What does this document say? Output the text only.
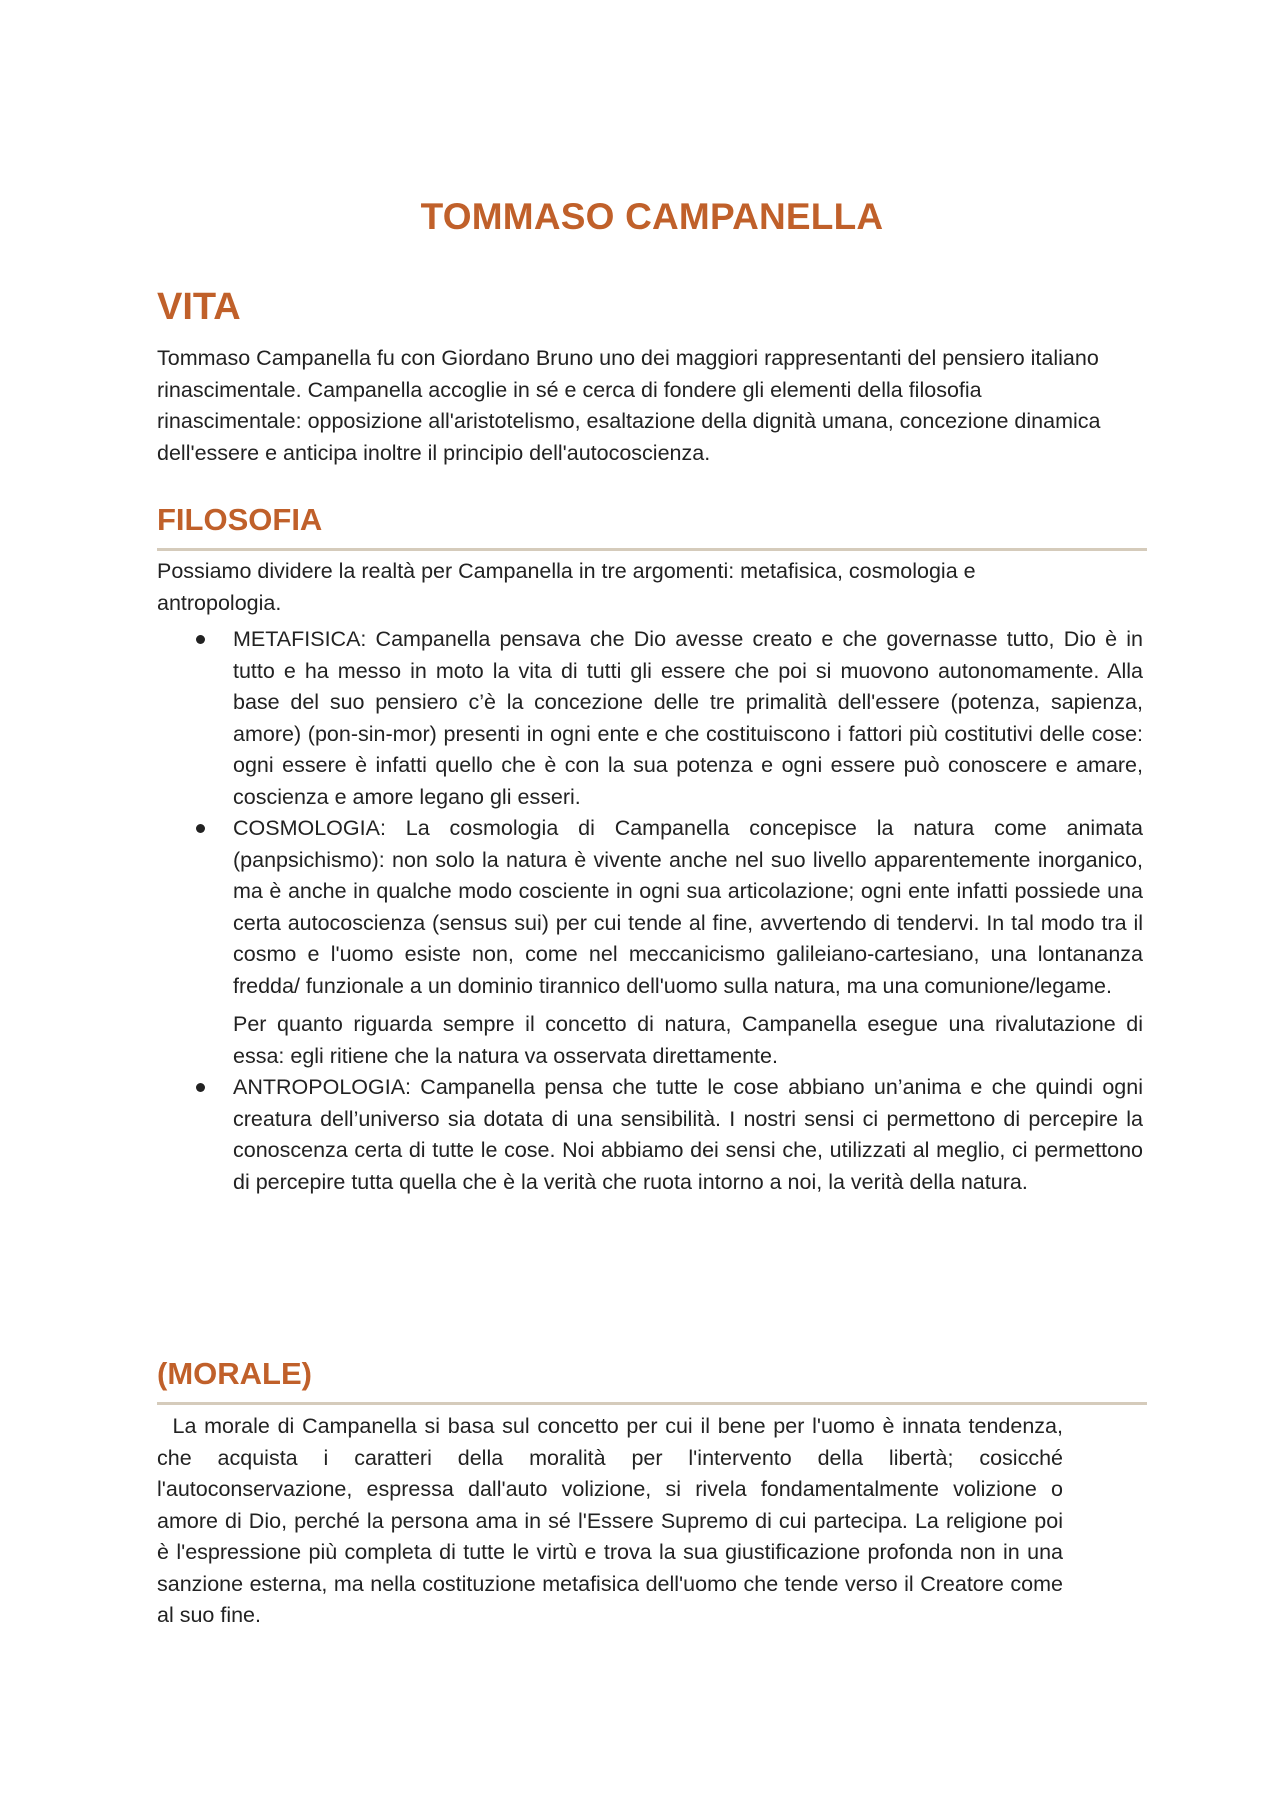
TOMMASO CAMPANELLA
VITA

Tommaso Campanella fu con Giordano Bruno uno dei maggiori rappresentanti del pensiero italiano rinascimentale. Campanella accoglie in sé e cerca di fondere gli elementi della filosofia rinascimentale: opposizione all'aristotelismo, esaltazione della dignità umana, concezione dinamica dell'essere e anticipa inoltre il principio dell'autocoscienza.

FILOSOFIA

Possiamo dividere la realtà per Campanella in tre argomenti: metafisica, cosmologia e antropologia.

METAFISICA: Campanella pensava che Dio avesse creato e che governasse tutto, Dio è in tutto e ha messo in moto la vita di tutti gli essere che poi si muovono autonomamente. Alla base del suo pensiero c’è la concezione delle tre primalità dell'essere (potenza, sapienza, amore) (pon-sin-mor) presenti in ogni ente e che costituiscono i fattori più costitutivi delle cose: ogni essere è infatti quello che è con la sua potenza e ogni essere può conoscere e amare, coscienza e amore legano gli esseri.
COSMOLOGIA: La cosmologia di Campanella concepisce la natura come animata (panpsichismo): non solo la natura è vivente anche nel suo livello apparentemente inorganico, ma è anche in qualche modo cosciente in ogni sua articolazione; ogni ente infatti possiede una certa autocoscienza (sensus sui) per cui tende al fine, avvertendo di tendervi. In tal modo tra il cosmo e l'uomo esiste non, come nel meccanicismo galileiano-cartesiano, una lontananza fredda/ funzionale a un dominio tirannico dell'uomo sulla natura, ma una comunione/legame.
Per quanto riguarda sempre il concetto di natura, Campanella esegue una rivalutazione di essa: egli ritiene che la natura va osservata direttamente.
ANTROPOLOGIA: Campanella pensa che tutte le cose abbiano un’anima e che quindi ogni creatura dell’universo sia dotata di una sensibilità. I nostri sensi ci permettono di percepire la conoscenza certa di tutte le cose. Noi abbiamo dei sensi che, utilizzati al meglio, ci permettono di percepire tutta quella che è la verità che ruota intorno a noi, la verità della natura.
(MORALE)

La morale di Campanella si basa sul concetto per cui il bene per l'uomo è innata tendenza, che acquista i caratteri della moralità per l'intervento della libertà; cosicché l'autoconservazione, espressa dall'auto volizione, si rivela fondamentalmente volizione o amore di Dio, perché la persona ama in sé l'Essere Supremo di cui partecipa. La religione poi è l'espressione più completa di tutte le virtù e trova la sua giustificazione profonda non in una sanzione esterna, ma nella costituzione metafisica dell'uomo che tende verso il Creatore come al suo fine.
